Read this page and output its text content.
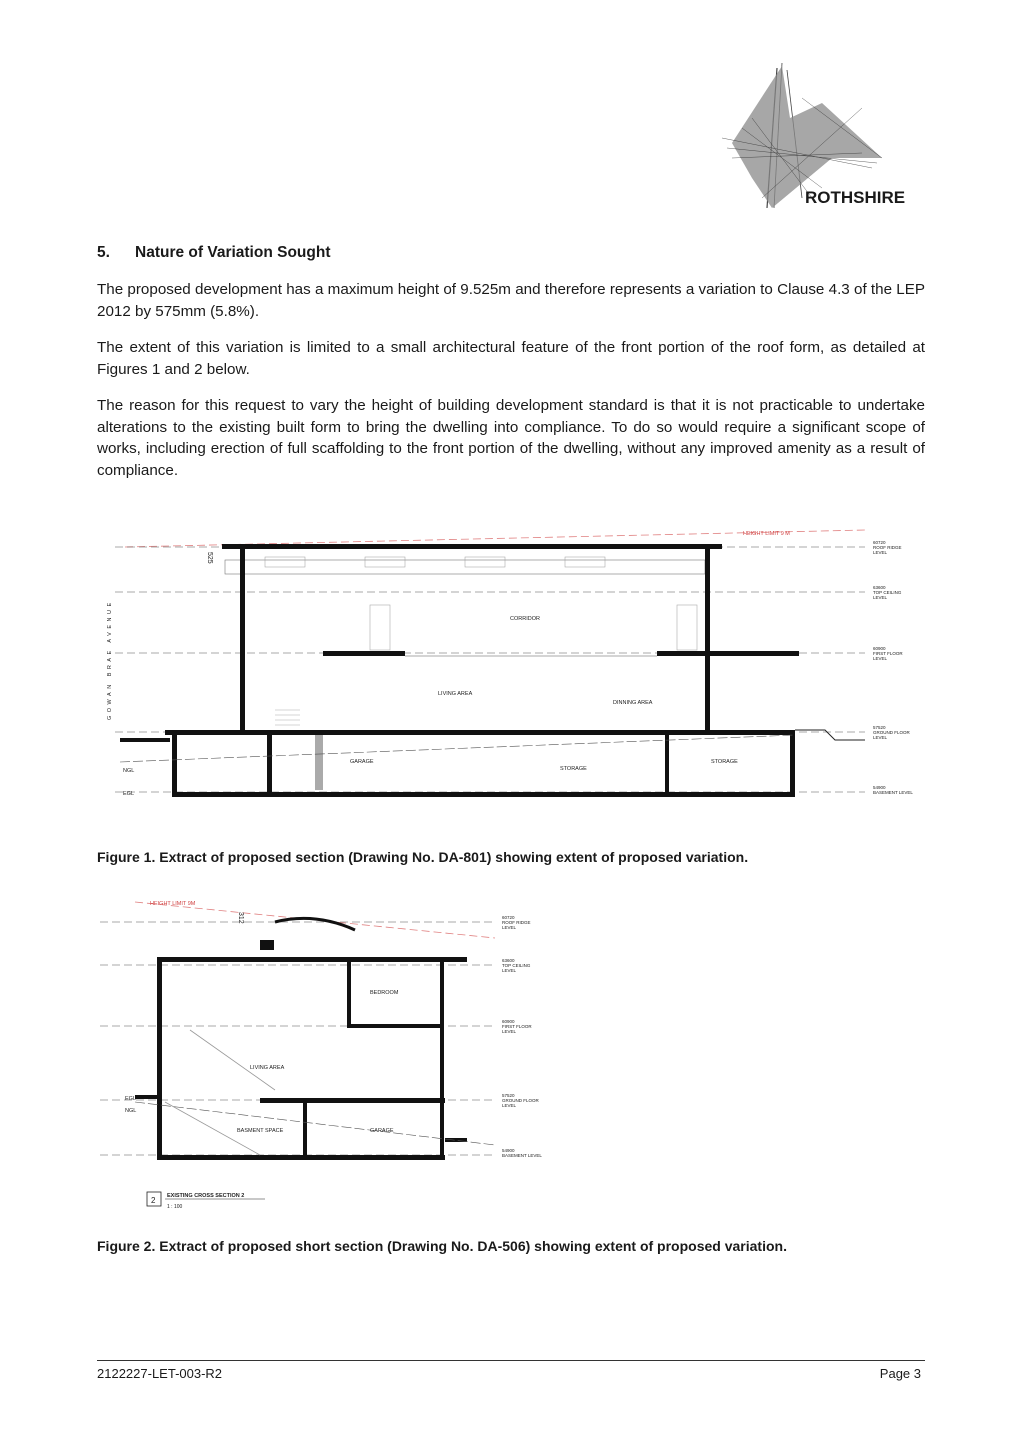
ROTHSHIRE
5. Nature of Variation Sought
The proposed development has a maximum height of 9.525m and therefore represents a variation to Clause 4.3 of the LEP 2012 by 575mm (5.8%).
The extent of this variation is limited to a small architectural feature of the front portion of the roof form, as detailed at Figures 1 and 2 below.
The reason for this request to vary the height of building development standard is that it is not practicable to undertake alterations to the existing built form to bring the dwelling into compliance. To do so would require a significant scope of works, including erection of full scaffolding to the front portion of the dwelling, without any improved amenity as a result of compliance.
GOWAN BRAE AVENUE
HEIGHT LIMIT 9 M
525
CORRIDOR
LIVING AREA
DINNING AREA
GARAGE
STORAGE
STORAGE
NGL
EGL
60720
ROOF RIDGE
LEVEL
63600
TOP CEILING
LEVEL
60900
FIRST FLOOR
LEVEL
57520
GROUND FLOOR
LEVEL
54900
BASEMENT LEVEL
Figure 1. Extract of proposed section (Drawing No. DA-801) showing extent of proposed variation.
HEIGHT LIMIT 9M
312
BEDROOM
LIVING AREA
BASMENT SPACE	GARAGE
EGL
NGL
60720
ROOF RIDGE
LEVEL
63600
TOP CEILING
LEVEL
60900
FIRST FLOOR
LEVEL
57520
GROUND FLOOR
LEVEL
54900
BASEMENT LEVEL
2 EXISTING CROSS SECTION 2
1 : 100
Figure 2. Extract of proposed short section (Drawing No. DA-506) showing extent of proposed variation.
2122227-LET-003-R2	Page 3
